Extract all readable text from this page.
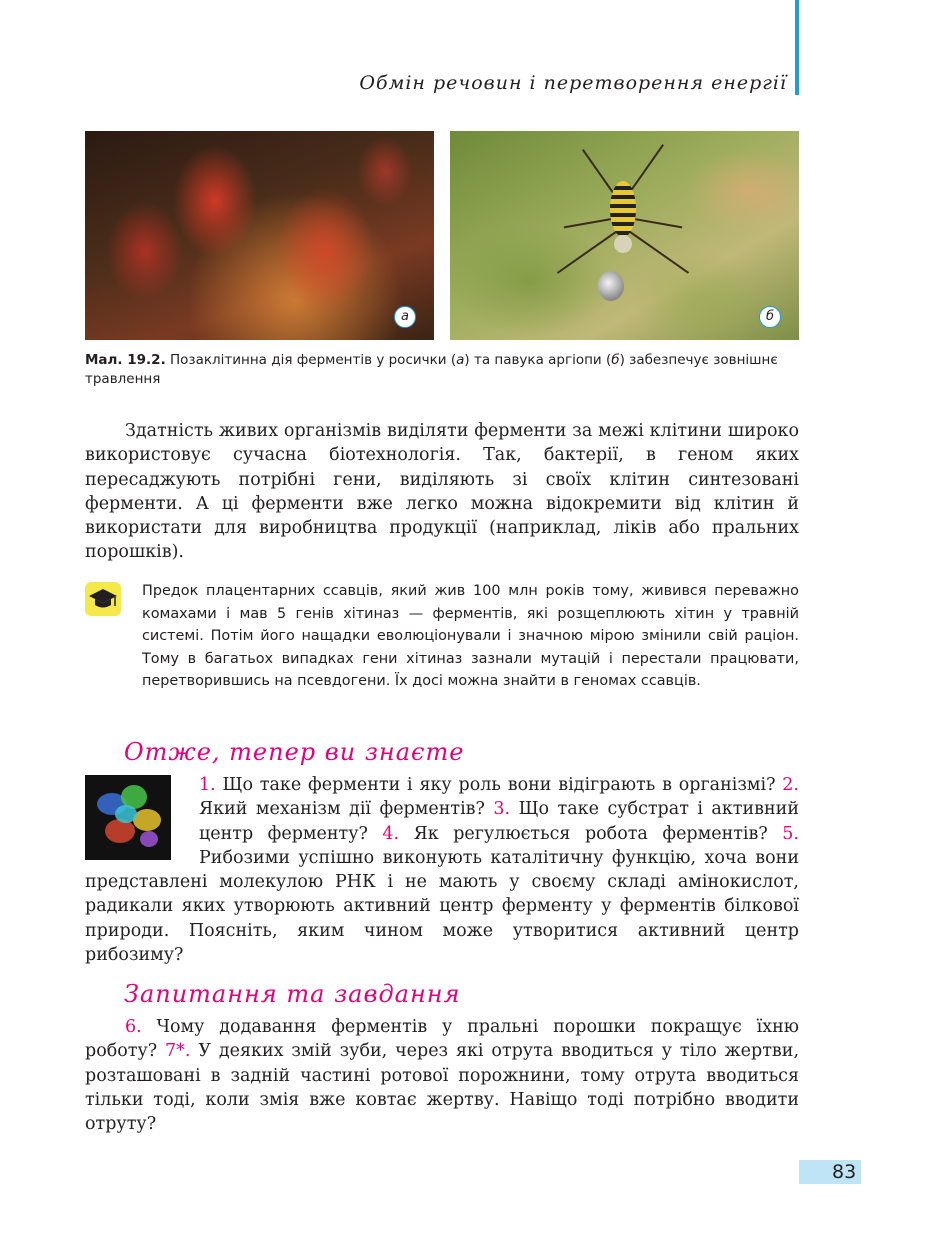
Обмін речовин і перетворення енергії
а	б
Мал. 19.2. Позаклітинна дія ферментів у росички (а) та павука аргіопи (б) забезпечує зовнішнє травлення

Здатність живих організмів виділяти ферменти за межі клітини широко використовує сучасна біотехнологія. Так, бактерії, в геном яких пересаджують потрібні гени, виділяють зі своїх клітин синтезовані ферменти. А ці ферменти вже легко можна відокремити від клітин й використати для виробництва продукції (наприклад, ліків або пральних порошків).

Предок плацентарних ссавців, який жив 100 млн років тому, живився переважно комахами і мав 5 генів хітиназ — ферментів, які розщеплюють хітин у травній системі. Потім його нащадки еволюціонували і значною мірою змінили свій раціон. Тому в багатьох випадках гени хітиназ зазнали мутацій і перестали працювати, перетворившись на псевдогени. Їх досі можна знайти в геномах ссавців.
Отже, тепер ви знаєте
1. Що таке ферменти і яку роль вони відіграють в організмі? 2. Який механізм дії ферментів? 3. Що таке субстрат і активний центр ферменту? 4. Як регулюється робота ферментів? 5. Рибозими успішно виконують каталітичну функцію, хоча вони представлені молекулою РНК і не мають у своєму складі амінокислот, радикали яких утворюють активний центр ферменту у ферментів білкової природи. Поясніть, яким чином може утворитися активний центр рибозиму?
Запитання та завдання
6. Чому додавання ферментів у пральні порошки покращує їхню роботу? 7*. У деяких змій зуби, через які отрута вводиться у тіло жертви, розташовані в задній частині ротової порожнини, тому отрута вводиться тільки тоді, коли змія вже ковтає жертву. Навіщо тоді потрібно вводити отруту?
83
